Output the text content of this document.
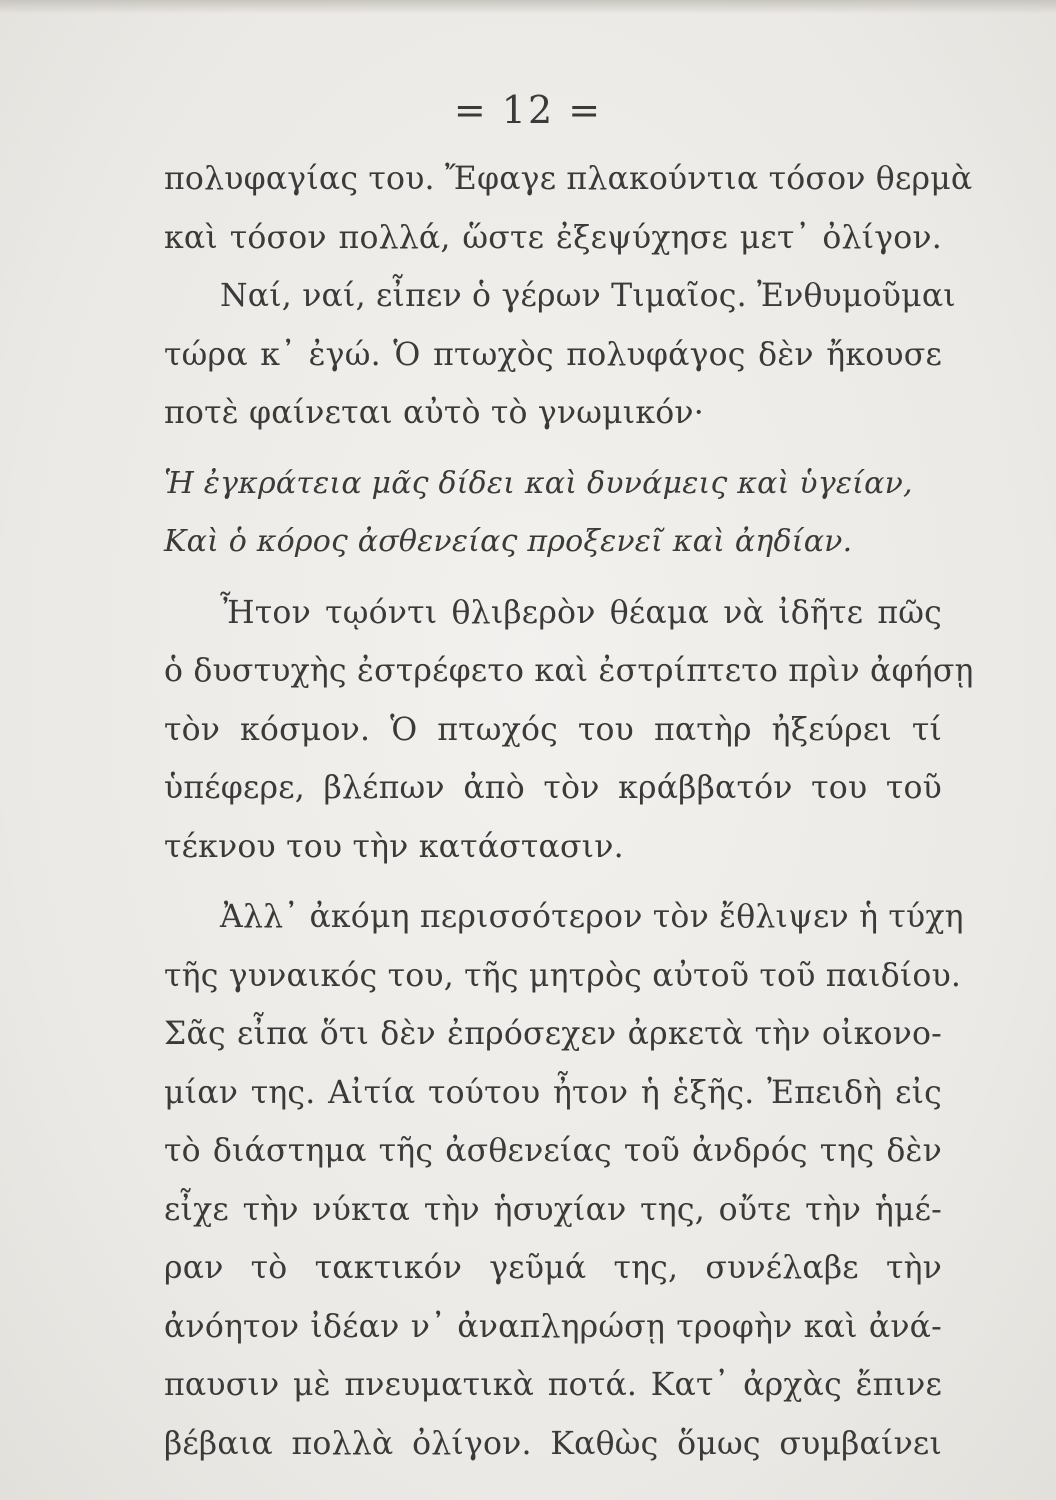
= 12 =
πολυφαγίας του. Ἔφαγε πλακούντια τόσον θερμὰ
καὶ τόσον πολλά, ὥστε ἐξεψύχησε μετ᾽ ὀλίγον.
Ναί, ναί, εἶπεν ὁ γέρων Τιμαῖος. Ἐνθυμοῦμαι
τώρα κ᾽ ἐγώ. Ὁ πτωχὸς πολυφάγος δὲν ἤκουσε
ποτὲ φαίνεται αὐτὸ τὸ γνωμικόν·
Ἡ ἐγκράτεια μᾶς δίδει καὶ δυνάμεις καὶ ὑγείαν,
Καὶ ὁ κόρος ἀσθενείας προξενεῖ καὶ ἀηδίαν.
Ἦτον τῳόντι θλιβερὸν θέαμα νὰ ἰδῆτε πῶς
ὁ δυστυχὴς ἐστρέφετο καὶ ἐστρίπτετο πρὶν ἀφήσῃ
τὸν κόσμον. Ὁ πτωχός του πατὴρ ἠξεύρει τί
ὑπέφερε, βλέπων ἀπὸ τὸν κράββατόν του τοῦ
τέκνου του τὴν κατάστασιν.
Ἀλλ᾽ ἀκόμη περισσότερον τὸν ἔθλιψεν ἡ τύχη
τῆς γυναικός του, τῆς μητρὸς αὐτοῦ τοῦ παιδίου.
Σᾶς εἶπα ὅτι δὲν ἐπρόσεχεν ἀρκετὰ τὴν οἰκονο-
μίαν της. Αἰτία τούτου ἦτον ἡ ἑξῆς. Ἐπειδὴ εἰς
τὸ διάστημα τῆς ἀσθενείας τοῦ ἀνδρός της δὲν
εἶχε τὴν νύκτα τὴν ἡσυχίαν της, οὔτε τὴν ἡμέ-
ραν τὸ τακτικόν γεῦμά της, συνέλαβε τὴν
ἀνόητον ἰδέαν ν᾽ ἀναπληρώσῃ τροφὴν καὶ ἀνά-
παυσιν μὲ πνευματικὰ ποτά. Κατ᾽ ἀρχὰς ἔπινε
βέβαια πολλὰ ὀλίγον. Καθὼς ὅμως συμβαίνει
